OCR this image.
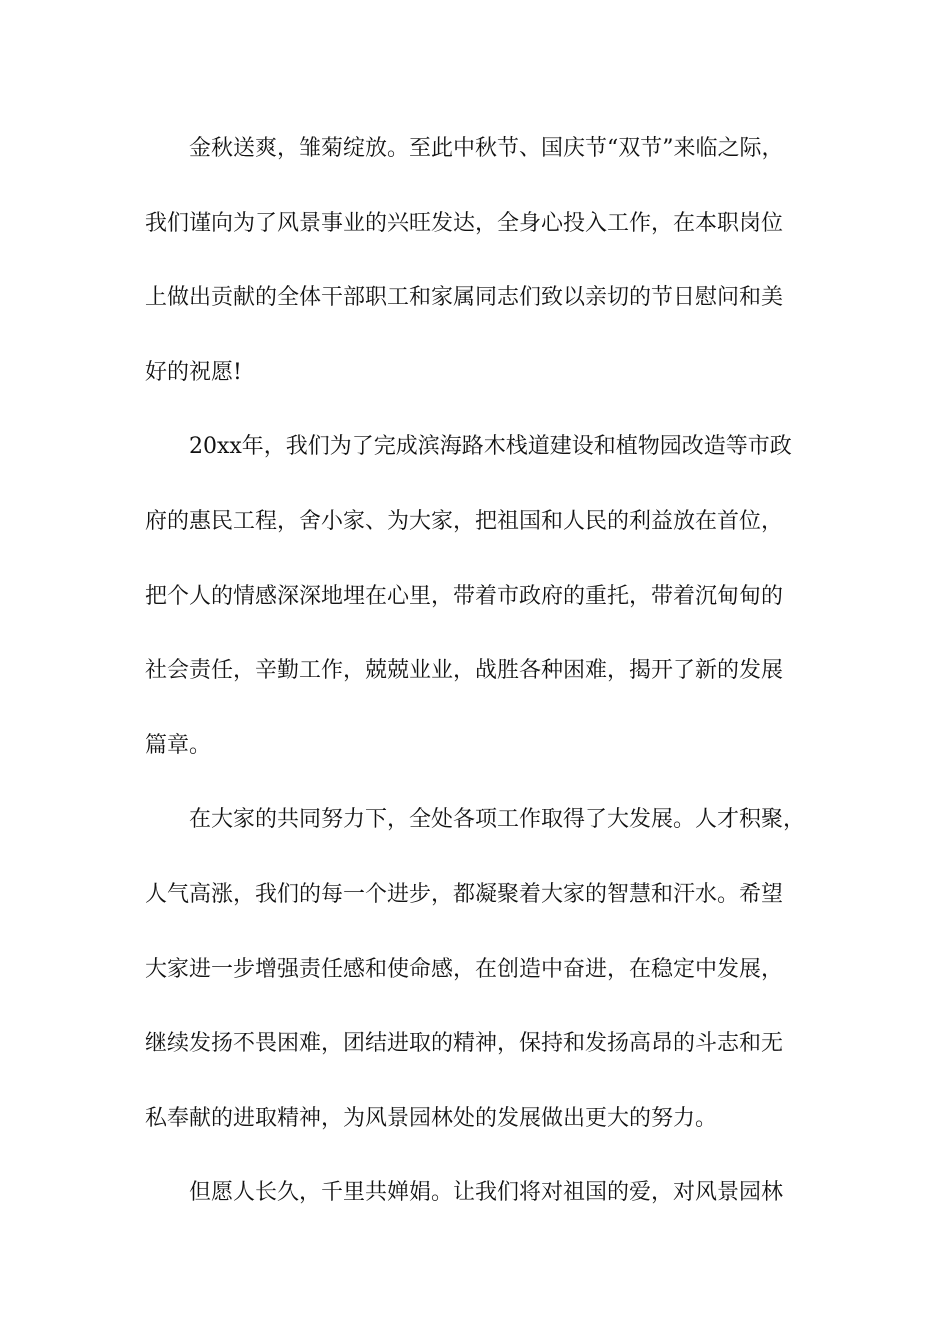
金秋送爽，雏菊绽放。至此中秋节、国庆节“双节”来临之际，
我们谨向为了风景事业的兴旺发达，全身心投入工作，在本职岗位
上做出贡献的全体干部职工和家属同志们致以亲切的节日慰问和美
好的祝愿!
20xx年，我们为了完成滨海路木栈道建设和植物园改造等市政
府的惠民工程，舍小家、为大家，把祖国和人民的利益放在首位，
把个人的情感深深地埋在心里，带着市政府的重托，带着沉甸甸的
社会责任，辛勤工作，兢兢业业，战胜各种困难，揭开了新的发展
篇章。
在大家的共同努力下，全处各项工作取得了大发展。人才积聚，
人气高涨，我们的每一个进步，都凝聚着大家的智慧和汗水。希望
大家进一步增强责任感和使命感，在创造中奋进，在稳定中发展，
继续发扬不畏困难，团结进取的精神，保持和发扬高昂的斗志和无
私奉献的进取精神，为风景园林处的发展做出更大的努力。
但愿人长久，千里共婵娟。让我们将对祖国的爱，对风景园林
